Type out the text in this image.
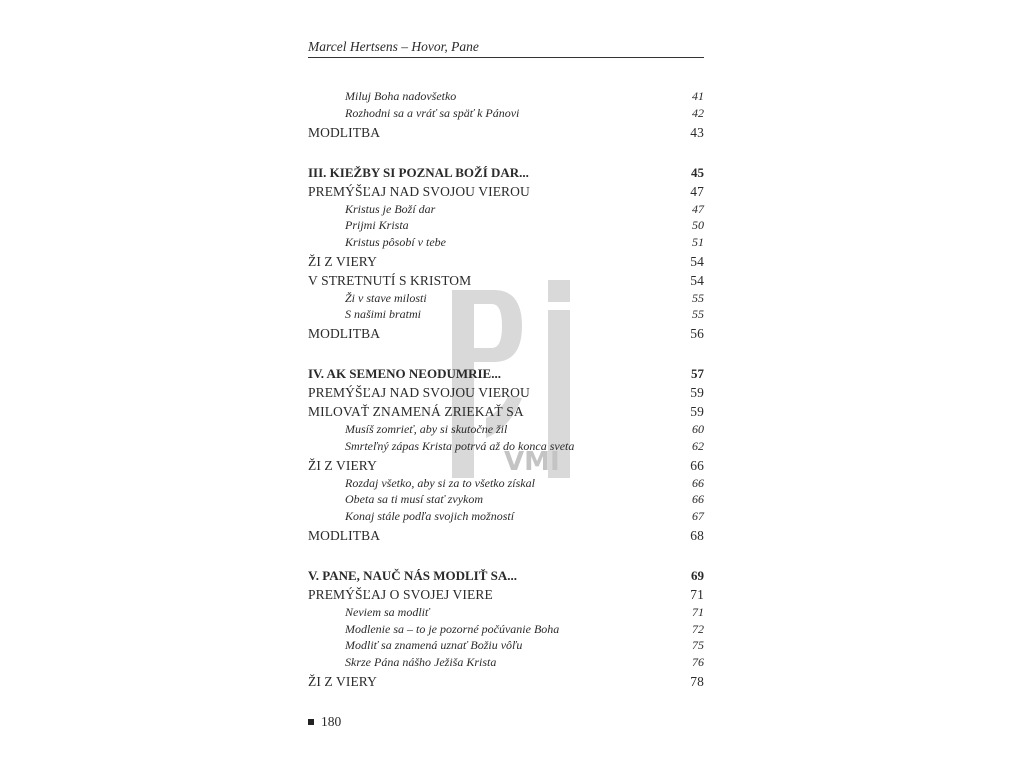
Marcel Hertsens – Hovor, Pane
VMI
Miluj Boha nadovšetko	41
Rozhodni sa a vráť sa späť k Pánovi	42
MODLITBA	43
III. KIEŽBY SI POZNAL BOŽÍ DAR...	45
PREMÝŠĽAJ NAD SVOJOU VIEROU	47
Kristus je Boží dar	47
Prijmi Krista	50
Kristus pôsobí v tebe	51
ŽI Z VIERY	54
V STRETNUTÍ S KRISTOM	54
Ži v stave milosti	55
S našimi bratmi	55
MODLITBA	56
IV. AK SEMENO NEODUMRIE...	57
PREMÝŠĽAJ NAD SVOJOU VIEROU	59
MILOVAŤ ZNAMENÁ ZRIEKAŤ SA	59
Musíš zomrieť, aby si skutočne žil	60
Smrteľný zápas Krista potrvá až do konca sveta	62
ŽI Z VIERY	66
Rozdaj všetko, aby si za to všetko získal	66
Obeta sa ti musí stať zvykom	66
Konaj stále podľa svojich možností	67
MODLITBA	68
V. PANE, NAUČ NÁS MODLIŤ SA...	69
PREMÝŠĽAJ O SVOJEJ VIERE	71
Neviem sa modliť	71
Modlenie sa – to je pozorné počúvanie Boha	72
Modliť sa znamená uznať Božiu vôľu	75
Skrze Pána nášho Ježiša Krista	76
ŽI Z VIERY	78
180
